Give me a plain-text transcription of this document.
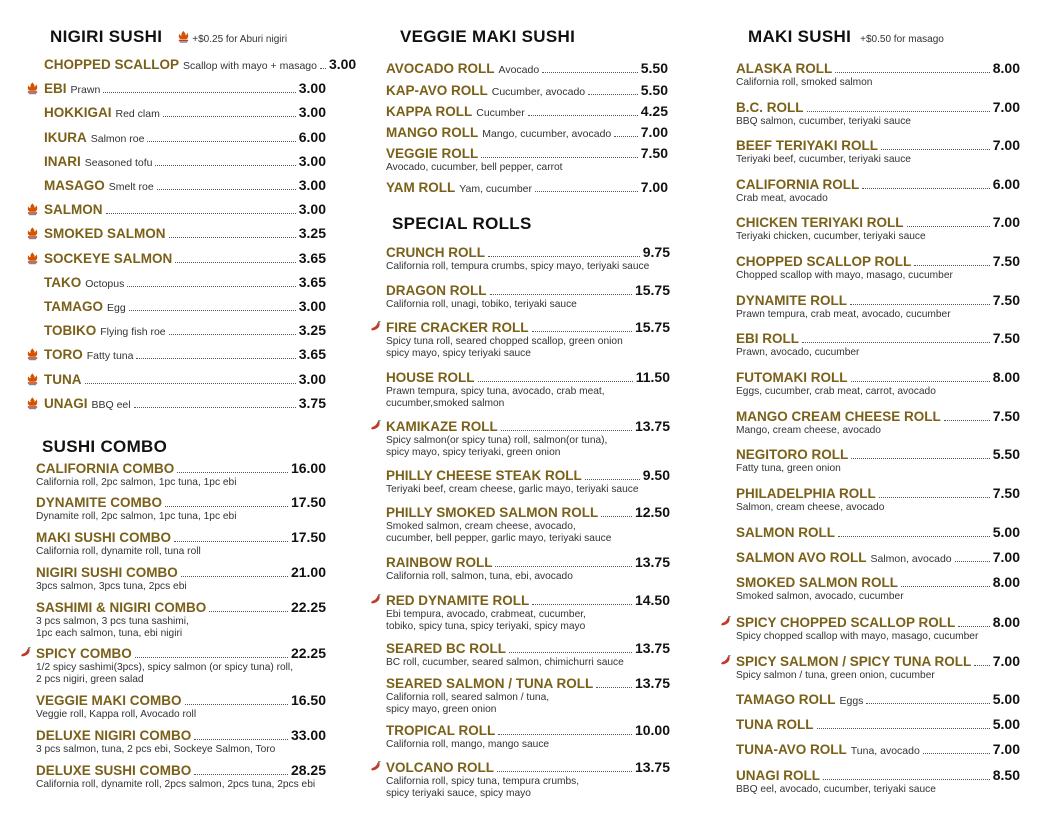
NIGIRI SUSHI	+$0.25 for Aburi nigiri
CHOPPED SCALLOP Scallop with mayo + masago 3.00
EBI Prawn	3.00
HOKKIGAI Red clam	3.00
IKURA Salmon roe	6.00
INARI Seasoned tofu	3.00
MASAGO Smelt roe	3.00
SALMON	3.00
SMOKED SALMON	3.25
SOCKEYE SALMON	3.65
TAKO Octopus	3.65
TAMAGO Egg	3.00
TOBIKO Flying fish roe	3.25
TORO Fatty tuna	3.65
TUNA	3.00
UNAGI BBQ eel	3.75
SUSHI COMBO
CALIFORNIA COMBO	16.00
California roll, 2pc salmon, 1pc tuna, 1pc ebi
DYNAMITE COMBO	17.50
Dynamite roll, 2pc salmon, 1pc tuna, 1pc ebi
MAKI SUSHI COMBO	17.50
California roll, dynamite roll, tuna roll
NIGIRI SUSHI COMBO	21.00
3pcs salmon, 3pcs tuna, 2pcs ebi
SASHIMI & NIGIRI COMBO	22.25
3 pcs salmon, 3 pcs tuna sashimi,
1pc each salmon, tuna, ebi nigiri
SPICY COMBO	22.25
1/2 spicy sashimi(3pcs), spicy salmon (or spicy tuna) roll,
2 pcs nigiri, green salad
VEGGIE MAKI COMBO	16.50
Veggie roll, Kappa roll, Avocado roll
DELUXE NIGIRI COMBO	33.00
3 pcs salmon, tuna, 2 pcs ebi, Sockeye Salmon, Toro
DELUXE SUSHI COMBO	28.25
California roll, dynamite roll, 2pcs salmon, 2pcs tuna, 2pcs ebi
VEGGIE MAKI SUSHI
AVOCADO ROLL Avocado	5.50
KAP-AVO ROLL Cucumber, avocado	5.50
KAPPA ROLL Cucumber	4.25
MANGO ROLL Mango, cucumber, avocado 7.00
VEGGIE ROLL	7.50
Avocado, cucumber, bell pepper, carrot
YAM ROLL Yam, cucumber	7.00
SPECIAL ROLLS
CRUNCH ROLL	9.75
California roll, tempura crumbs, spicy mayo, teriyaki sauce
DRAGON ROLL	15.75
California roll, unagi, tobiko, teriyaki sauce
FIRE CRACKER ROLL	15.75
Spicy tuna roll, seared chopped scallop, green onion
spicy mayo, spicy teriyaki sauce
HOUSE ROLL	11.50
Prawn tempura, spicy tuna, avocado, crab meat,
cucumber,smoked salmon
KAMIKAZE ROLL	13.75
Spicy salmon(or spicy tuna) roll, salmon(or tuna),
spicy mayo, spicy teriyaki, green onion
PHILLY CHEESE STEAK ROLL	9.50
Teriyaki beef, cream cheese, garlic mayo, teriyaki sauce
PHILLY SMOKED SALMON ROLL	12.50
Smoked salmon, cream cheese, avocado,
cucumber, bell pepper, garlic mayo, teriyaki sauce
RAINBOW ROLL	13.75
California roll, salmon, tuna, ebi, avocado
RED DYNAMITE ROLL	14.50
Ebi tempura, avocado, crabmeat, cucumber,
tobiko, spicy tuna, spicy teriyaki, spicy mayo
SEARED BC ROLL	13.75
BC roll, cucumber, seared salmon, chimichurri sauce
SEARED SALMON / TUNA ROLL	13.75
California roll, seared salmon / tuna,
spicy mayo, green onion
TROPICAL ROLL	10.00
California roll, mango, mango sauce
VOLCANO ROLL	13.75
California roll, spicy tuna, tempura crumbs,
spicy teriyaki sauce, spicy mayo
MAKI SUSHI +$0.50 for masago
ALASKA ROLL	8.00
California roll, smoked salmon
B.C. ROLL	7.00
BBQ salmon, cucumber, teriyaki sauce
BEEF TERIYAKI ROLL	7.00
Teriyaki beef, cucumber, teriyaki sauce
CALIFORNIA ROLL	6.00
Crab meat, avocado
CHICKEN TERIYAKI ROLL	7.00
Teriyaki chicken, cucumber, teriyaki sauce
CHOPPED SCALLOP ROLL	7.50
Chopped scallop with mayo, masago, cucumber
DYNAMITE ROLL	7.50
Prawn tempura, crab meat, avocado, cucumber
EBI ROLL	7.50
Prawn, avocado, cucumber
FUTOMAKI ROLL	8.00
Eggs, cucumber, crab meat, carrot, avocado
MANGO CREAM CHEESE ROLL	7.50
Mango, cream cheese, avocado
NEGITORO ROLL	5.50
Fatty tuna, green onion
PHILADELPHIA ROLL	7.50
Salmon, cream cheese, avocado
SALMON ROLL	5.00
SALMON AVO ROLL Salmon, avocado	7.00
SMOKED SALMON ROLL	8.00
Smoked salmon, avocado, cucumber
SPICY CHOPPED SCALLOP ROLL	8.00
Spicy chopped scallop with mayo, masago, cucumber
SPICY SALMON / SPICY TUNA ROLL 7.00
Spicy salmon / tuna, green onion, cucumber
TAMAGO ROLL Eggs	5.00
TUNA ROLL	5.00
TUNA-AVO ROLL Tuna, avocado	7.00
UNAGI ROLL	8.50
BBQ eel, avocado, cucumber, teriyaki sauce
